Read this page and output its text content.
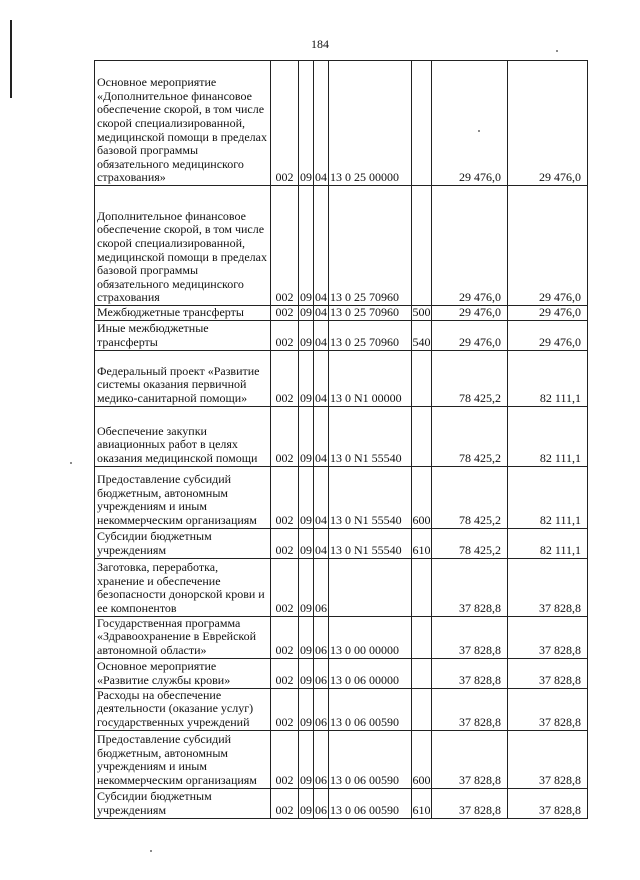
184
Основное мероприятие «Дополнительное финансовое обеспечение скорой, в том числе скорой специализированной, медицинской помощи в пределах базовой программы обязательного медицинского страхования»	002	09	04	13 0 25 00000		29 476,0	29 476,0
Дополнительное финансовое обеспечение скорой, в том числе скорой специализированной, медицинской помощи в пределах базовой программы обязательного медицинского страхования	002	09	04	13 0 25 70960		29 476,0	29 476,0
Межбюджетные трансферты	002	09	04	13 0 25 70960	500	29 476,0	29 476,0
Иные межбюджетные трансферты	002	09	04	13 0 25 70960	540	29 476,0	29 476,0
Федеральный проект «Развитие системы оказания первичной медико-санитарной помощи»	002	09	04	13 0 N1 00000		78 425,2	82 111,1
Обеспечение закупки авиационных работ в целях оказания медицинской помощи	002	09	04	13 0 N1 55540		78 425,2	82 111,1
Предоставление субсидий бюджетным, автономным учреждениям и иным некоммерческим организациям	002	09	04	13 0 N1 55540	600	78 425,2	82 111,1
Субсидии бюджетным учреждениям	002	09	04	13 0 N1 55540	610	78 425,2	82 111,1
Заготовка, переработка, хранение и обеспечение безопасности донорской крови и ее компонентов	002	09	06			37 828,8	37 828,8
Государственная программа «Здравоохранение в Еврейской автономной области»	002	09	06	13 0 00 00000		37 828,8	37 828,8
Основное мероприятие «Развитие службы крови»	002	09	06	13 0 06 00000		37 828,8	37 828,8
Расходы на обеспечение деятельности (оказание услуг) государственных учреждений	002	09	06	13 0 06 00590		37 828,8	37 828,8
Предоставление субсидий бюджетным, автономным учреждениям и иным некоммерческим организациям	002	09	06	13 0 06 00590	600	37 828,8	37 828,8
Субсидии бюджетным учреждениям	002	09	06	13 0 06 00590	610	37 828,8	37 828,8
